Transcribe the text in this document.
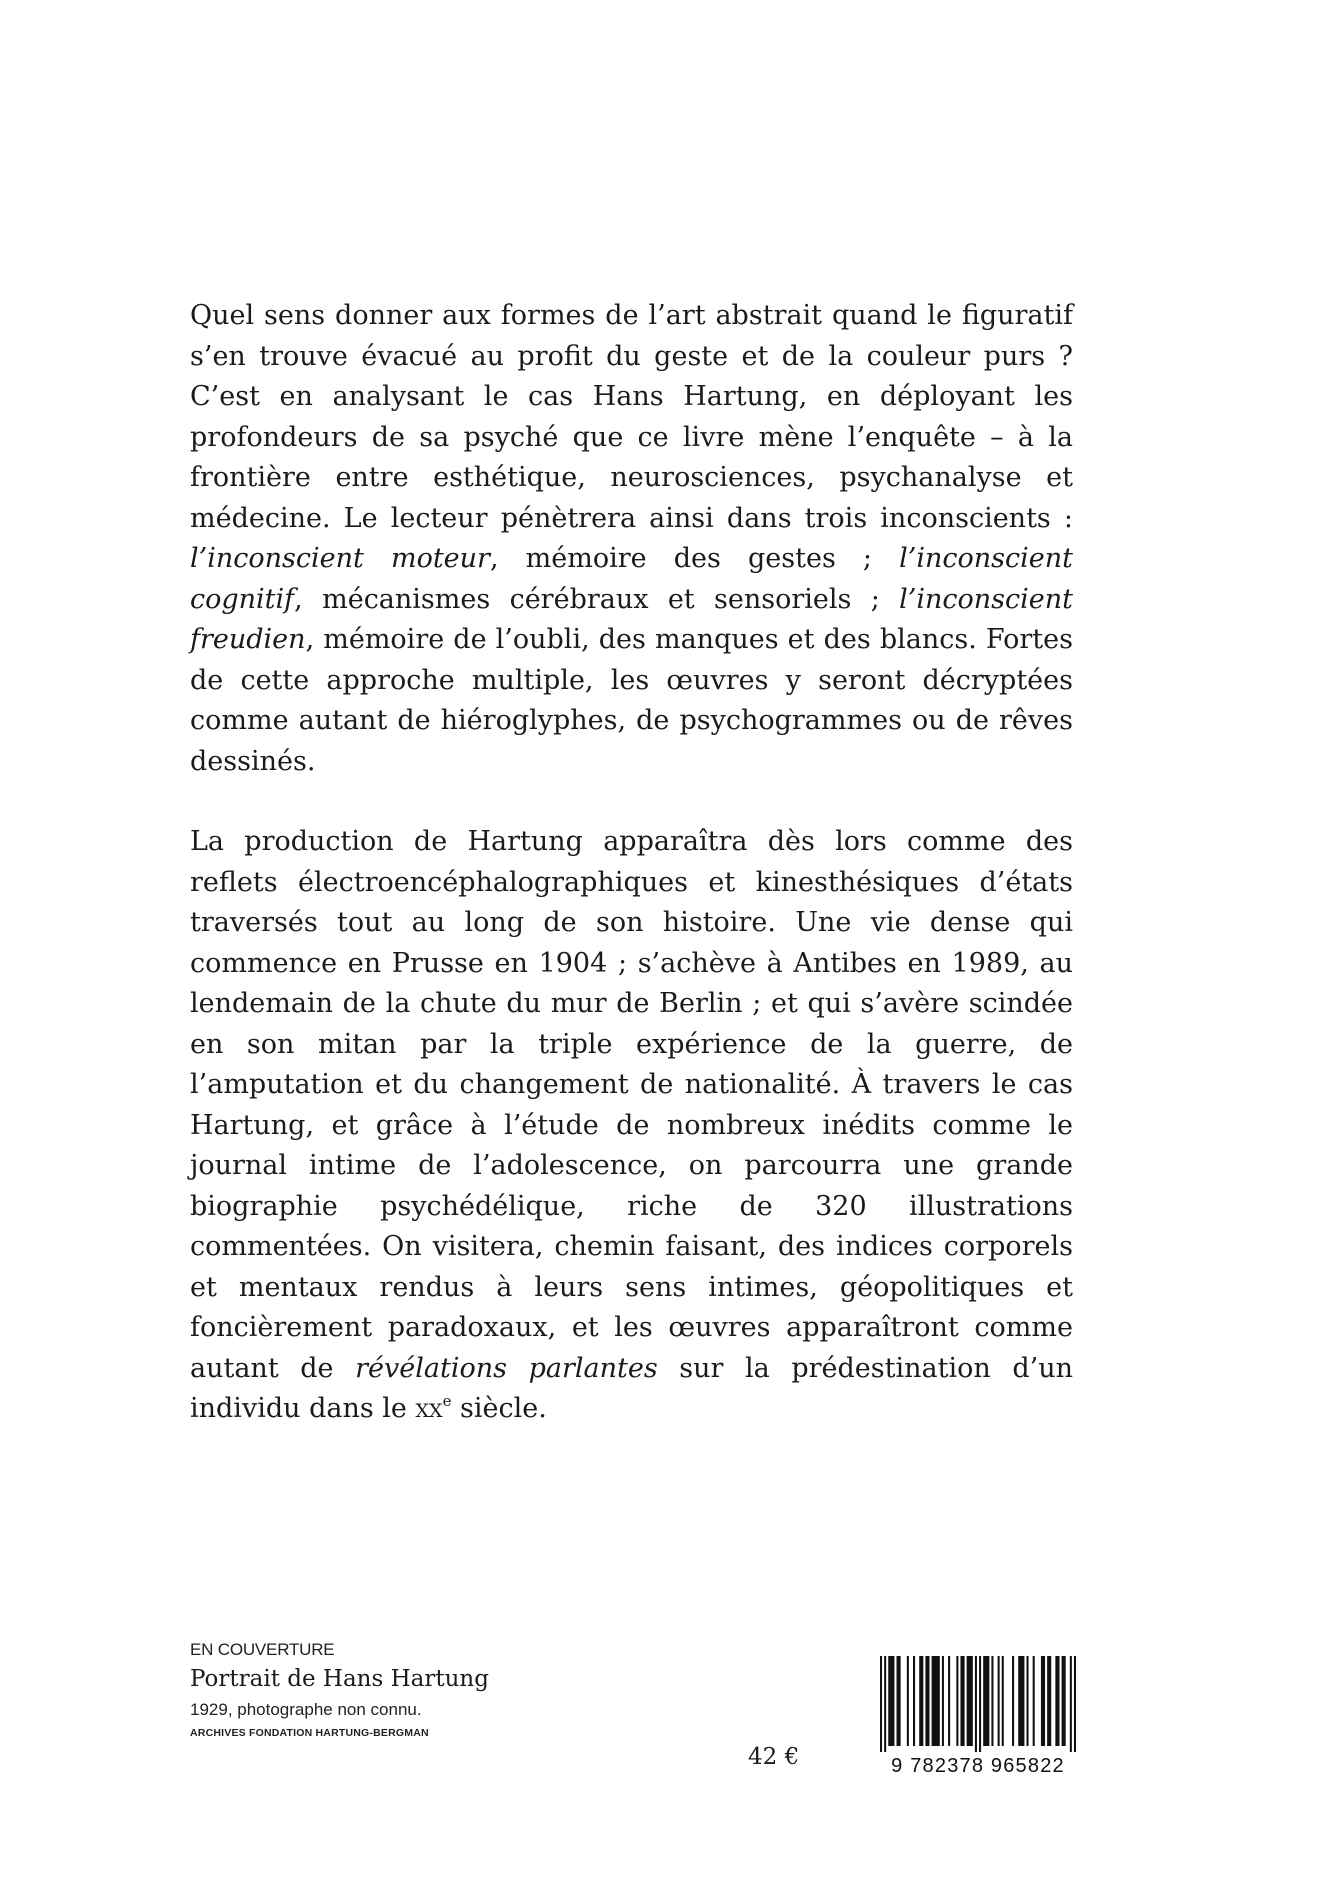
Quel sens donner aux formes de l’art abstrait quand le figuratif s’en trouve évacué au profit du geste et de la couleur purs ? C’est en analysant le cas Hans Hartung, en déployant les profondeurs de sa psyché que ce livre mène l’enquête – à la frontière entre esthétique, neurosciences, psychanalyse et médecine. Le lecteur pénètrera ainsi dans trois inconscients : l’inconscient moteur, mémoire des gestes ; l’inconscient cognitif, mécanismes cérébraux et sensoriels ; l’inconscient freudien, mémoire de l’oubli, des manques et des blancs. Fortes de cette approche multiple, les œuvres y seront décryptées comme autant de hiéroglyphes, de psychogrammes ou de rêves dessinés.

La production de Hartung apparaîtra dès lors comme des reflets électroencéphalographiques et kinesthésiques d’états traversés tout au long de son histoire. Une vie dense qui commence en Prusse en 1904 ; s’achève à Antibes en 1989, au lendemain de la chute du mur de Berlin ; et qui s’avère scindée en son mitan par la triple expérience de la guerre, de l’amputation et du changement de nationalité. À travers le cas Hartung, et grâce à l’étude de nombreux inédits comme le journal intime de l’adolescence, on parcourra une grande biographie psychédélique, riche de 320 illustrations commentées. On visitera, chemin faisant, des indices corporels et mentaux rendus à leurs sens intimes, géopolitiques et foncièrement paradoxaux, et les œuvres apparaîtront comme autant de révélations parlantes sur la prédestination d’un individu dans le $xx^e$ siècle.

EN COUVERTURE

Portrait de Hans Hartung

1929, photographe non connu.

ARCHIVES FONDATION HARTUNG-BERGMAN

42 €	9 782378 965822
